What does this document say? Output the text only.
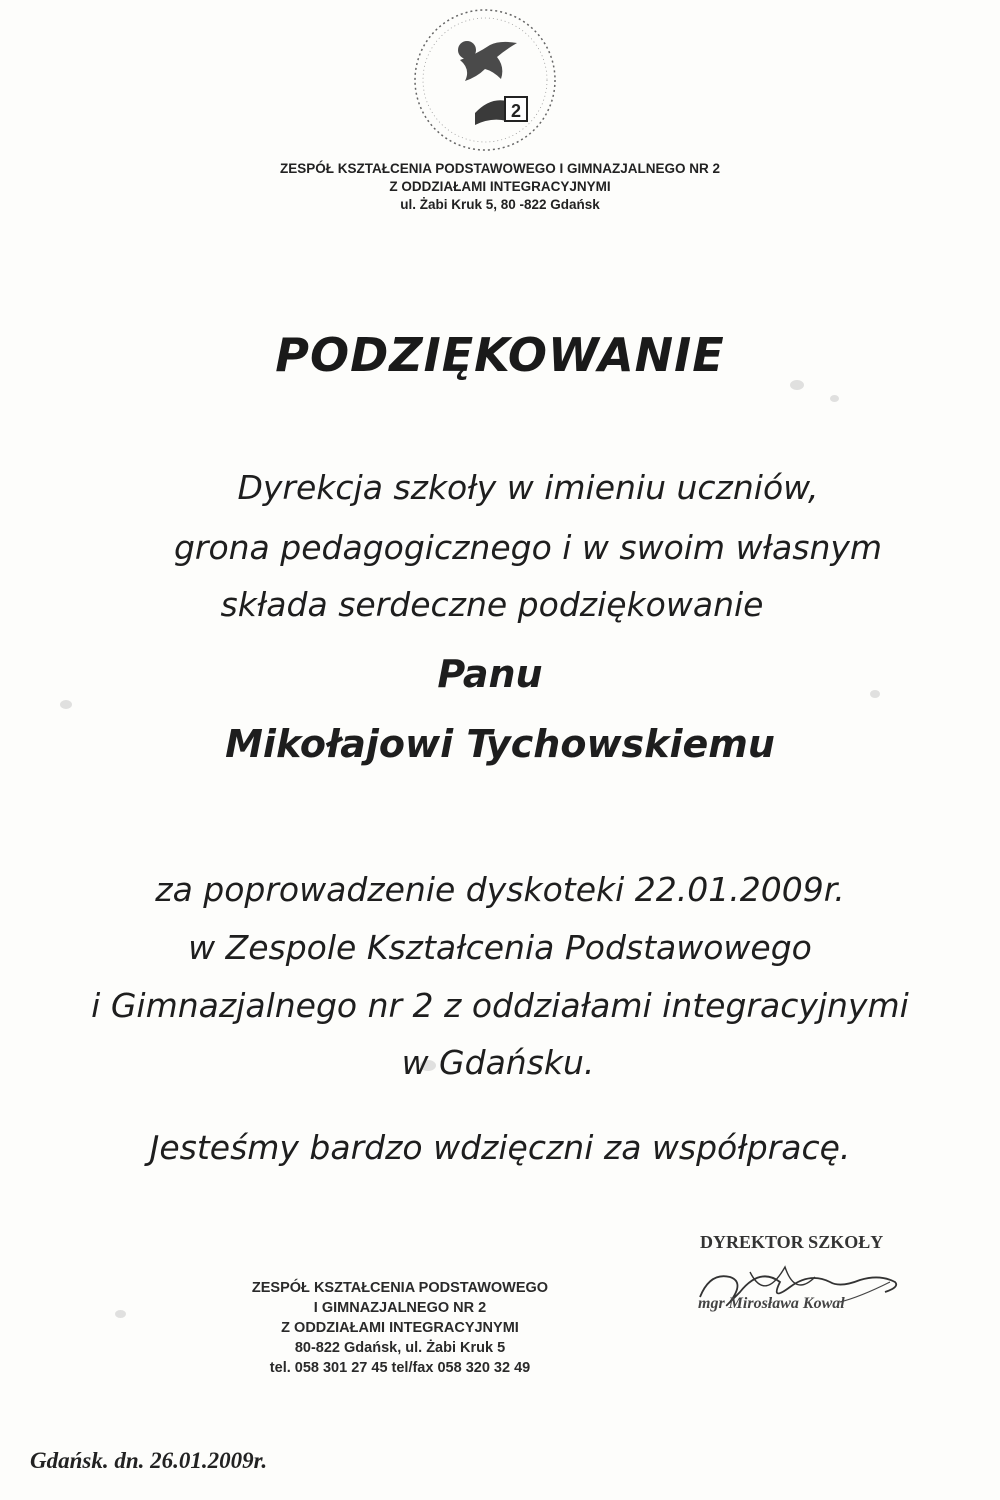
2
ZESPÓŁ KSZTAŁCENIA PODSTAWOWEGO I GIMNAZJALNEGO NR 2
Z ODDZIAŁAMI INTEGRACYJNYMI
ul. Żabi Kruk 5, 80 -822 Gdańsk
PODZIĘKOWANIE
Dyrekcja szkoły w imieniu uczniów,
grona pedagogicznego i w swoim własnym
składa serdeczne podziękowanie
Panu
Mikołajowi Tychowskiemu
za poprowadzenie dyskoteki 22.01.2009r.
w Zespole Kształcenia Podstawowego
i Gimnazjalnego nr 2 z oddziałami integracyjnymi
w Gdańsku.
Jesteśmy bardzo wdzięczni za współpracę.
ZESPÓŁ KSZTAŁCENIA PODSTAWOWEGO
I GIMNAZJALNEGO NR 2
Z ODDZIAŁAMI INTEGRACYJNYMI
80-822 Gdańsk, ul. Żabi Kruk 5
tel. 058 301 27 45 tel/fax 058 320 32 49
DYREKTOR SZKOŁY
mgr Mirosława Kowal
Gdańsk. dn. 26.01.2009r.
